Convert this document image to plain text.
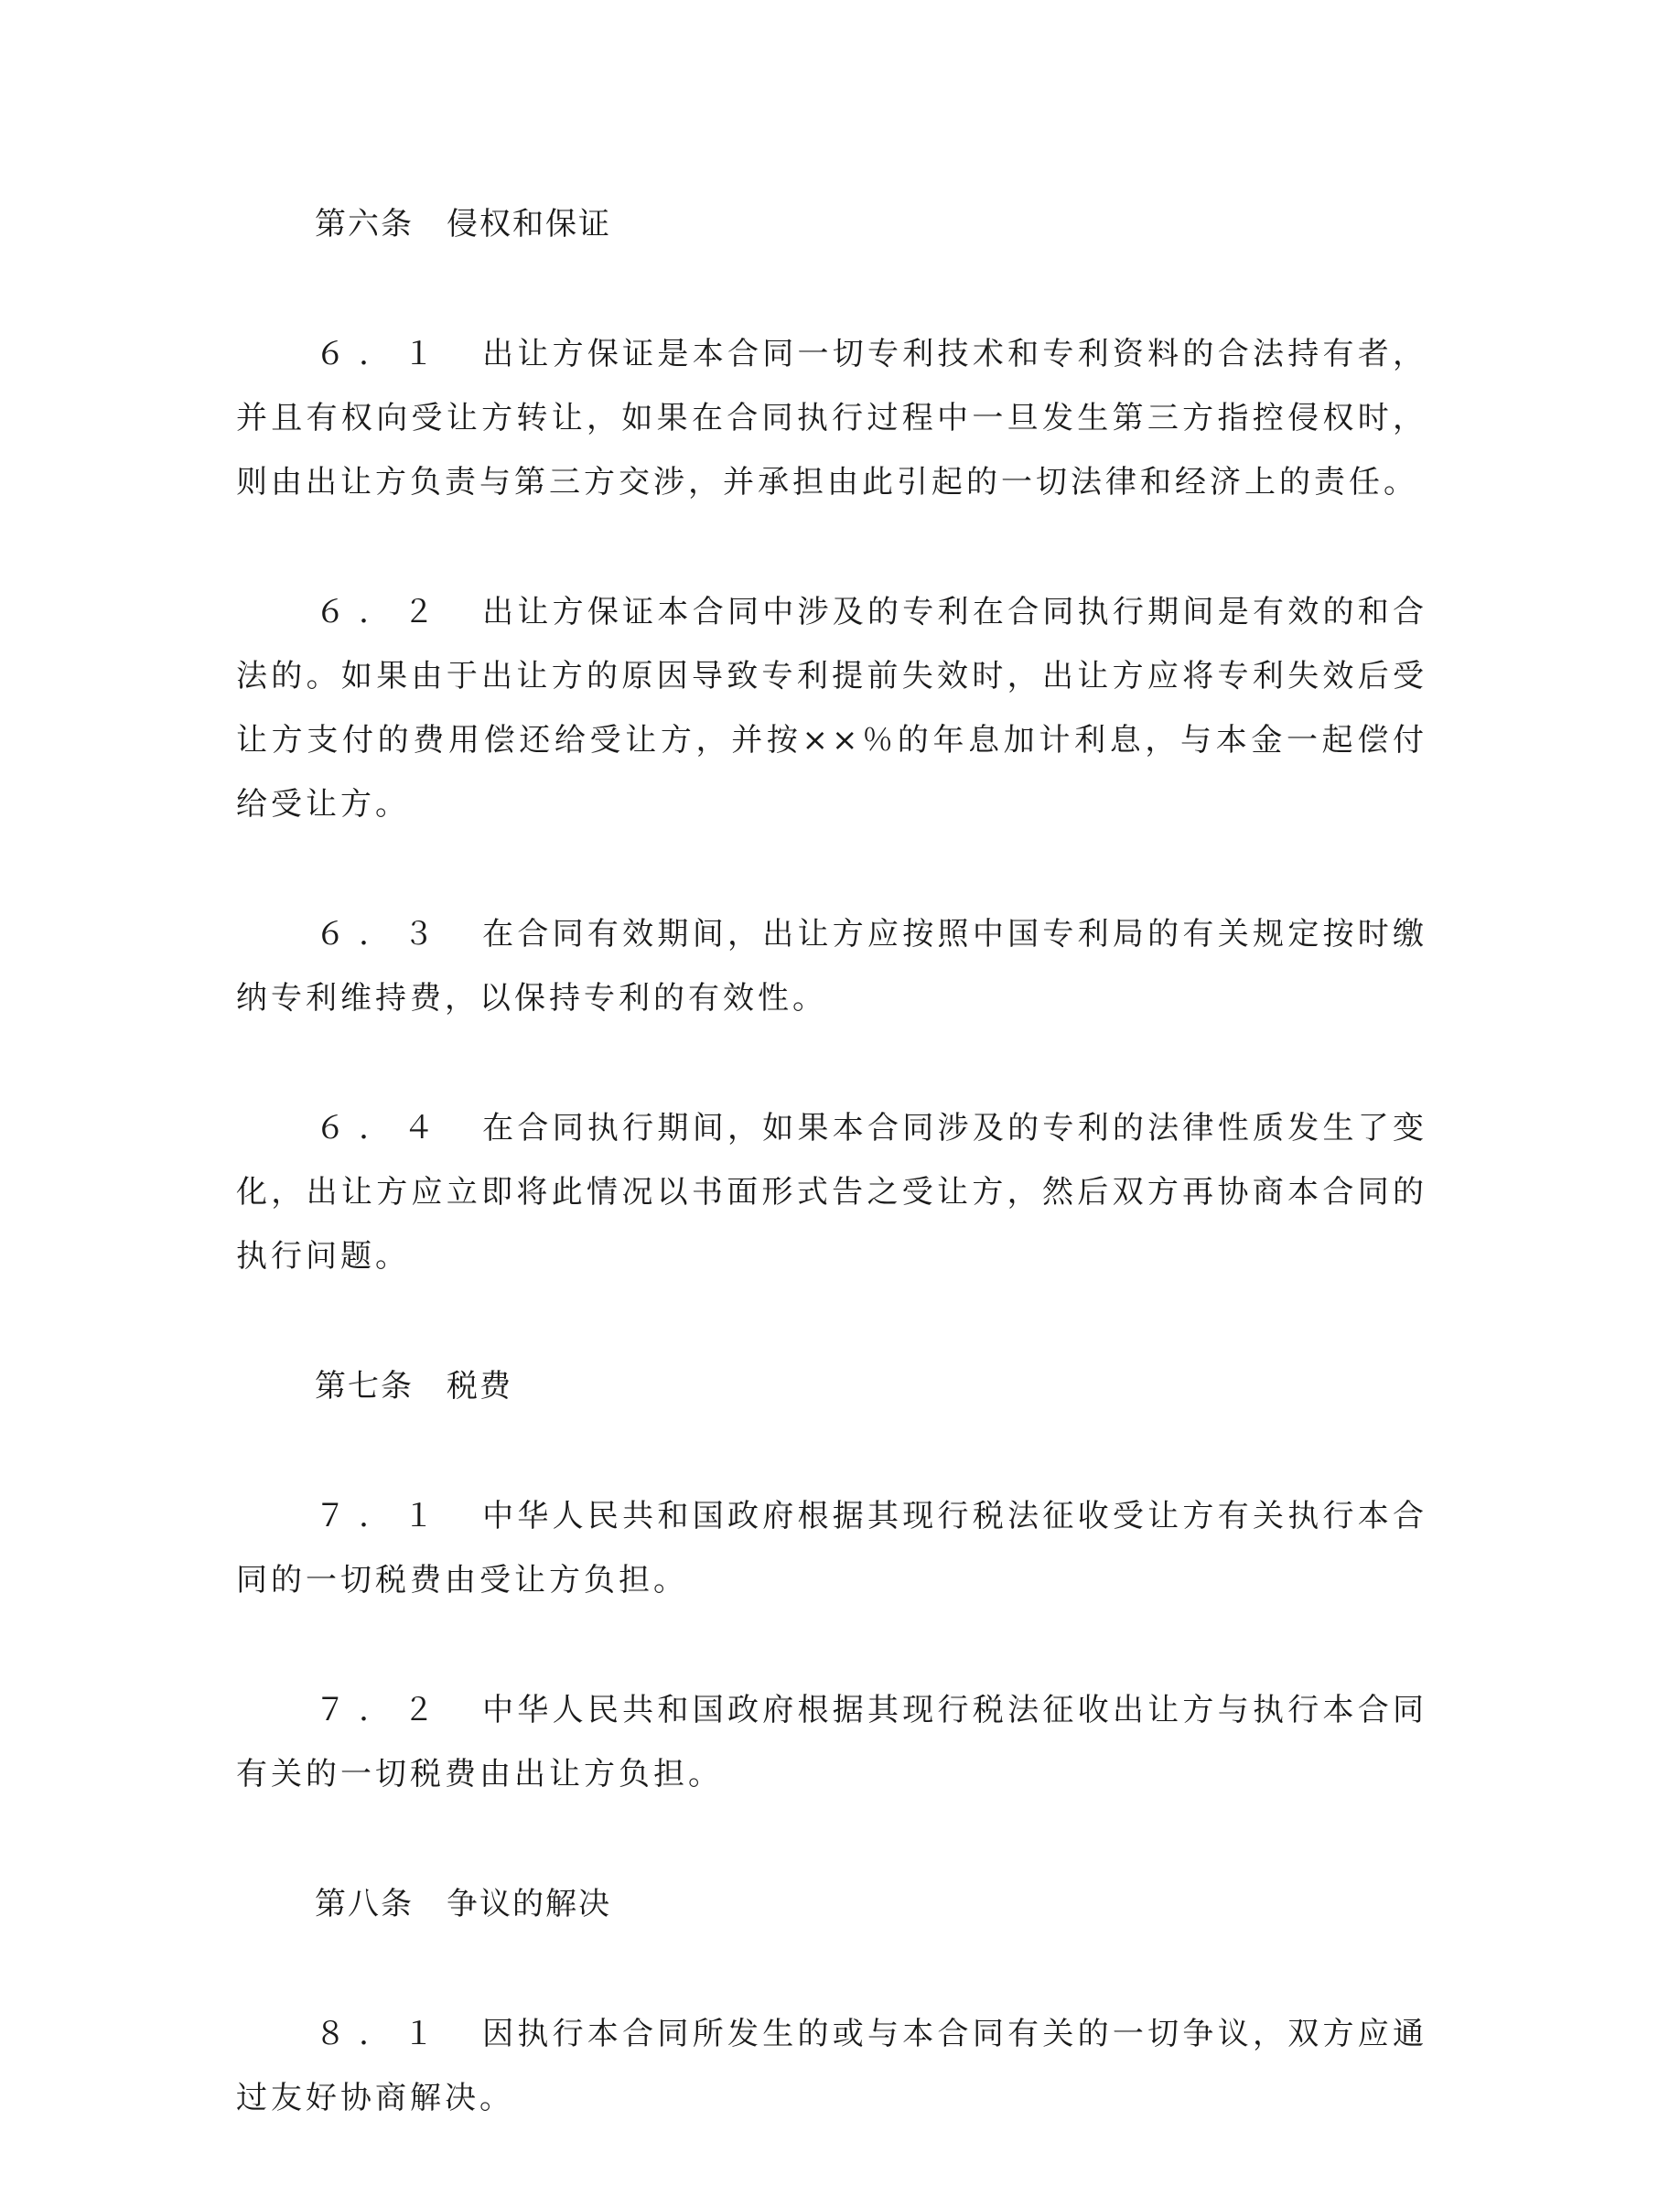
第六条　侵权和保证

６．１　 出让方保证是本合同一切专利技术和专利资料的合法持有者，并且有权向受让方转让，如果在合同执行过程中一旦发生第三方指控侵权时，则由出让方负责与第三方交涉，并承担由此引起的一切法律和经济上的责任。

６．２　 出让方保证本合同中涉及的专利在合同执行期间是有效的和合法的。如果由于出让方的原因导致专利提前失效时，出让方应将专利失效后受让方支付的费用偿还给受让方，并按××％的年息加计利息，与本金一起偿付给受让方。

６．３　 在合同有效期间，出让方应按照中国专利局的有关规定按时缴纳专利维持费，以保持专利的有效性。

６．４　 在合同执行期间，如果本合同涉及的专利的法律性质发生了变化，出让方应立即将此情况以书面形式告之受让方，然后双方再协商本合同的执行问题。

第七条　税费

７．１　 中华人民共和国政府根据其现行税法征收受让方有关执行本合同的一切税费由受让方负担。

７．２　 中华人民共和国政府根据其现行税法征收出让方与执行本合同有关的一切税费由出让方负担。

第八条　争议的解决

８．１　 因执行本合同所发生的或与本合同有关的一切争议，双方应通过友好协商解决。
